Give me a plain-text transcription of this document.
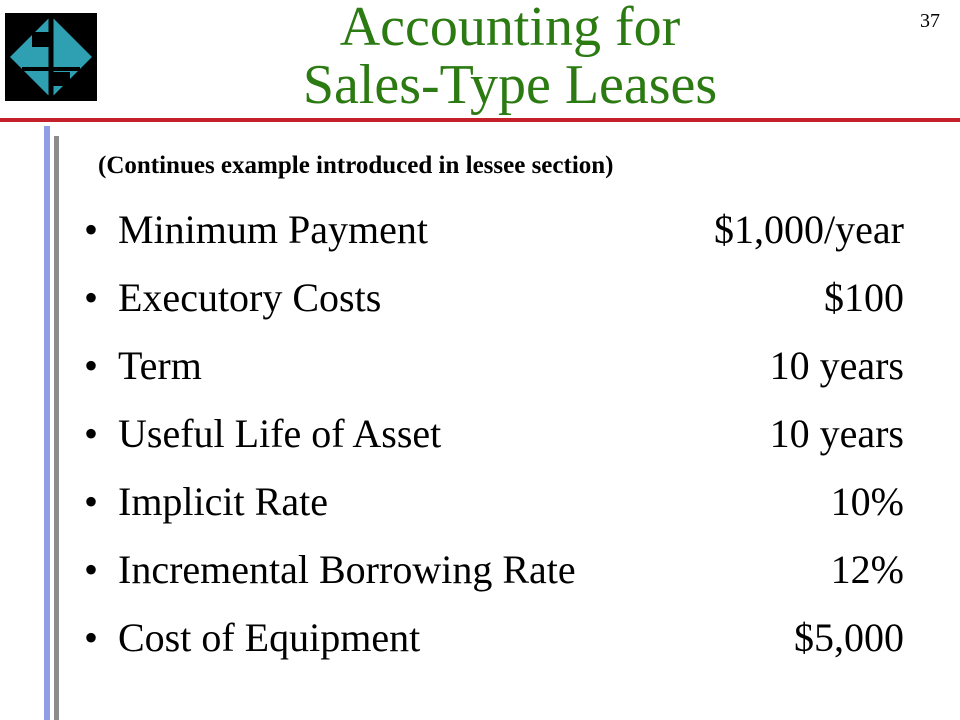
37
Accounting for
Sales-Type Leases
(Continues example introduced in lessee section)
• Minimum Payment	$1,000/year
• Executory Costs	$100
• Term	10 years
• Useful Life of Asset	10 years
• Implicit Rate	10%
• Incremental Borrowing Rate	12%
• Cost of Equipment	$5,000
